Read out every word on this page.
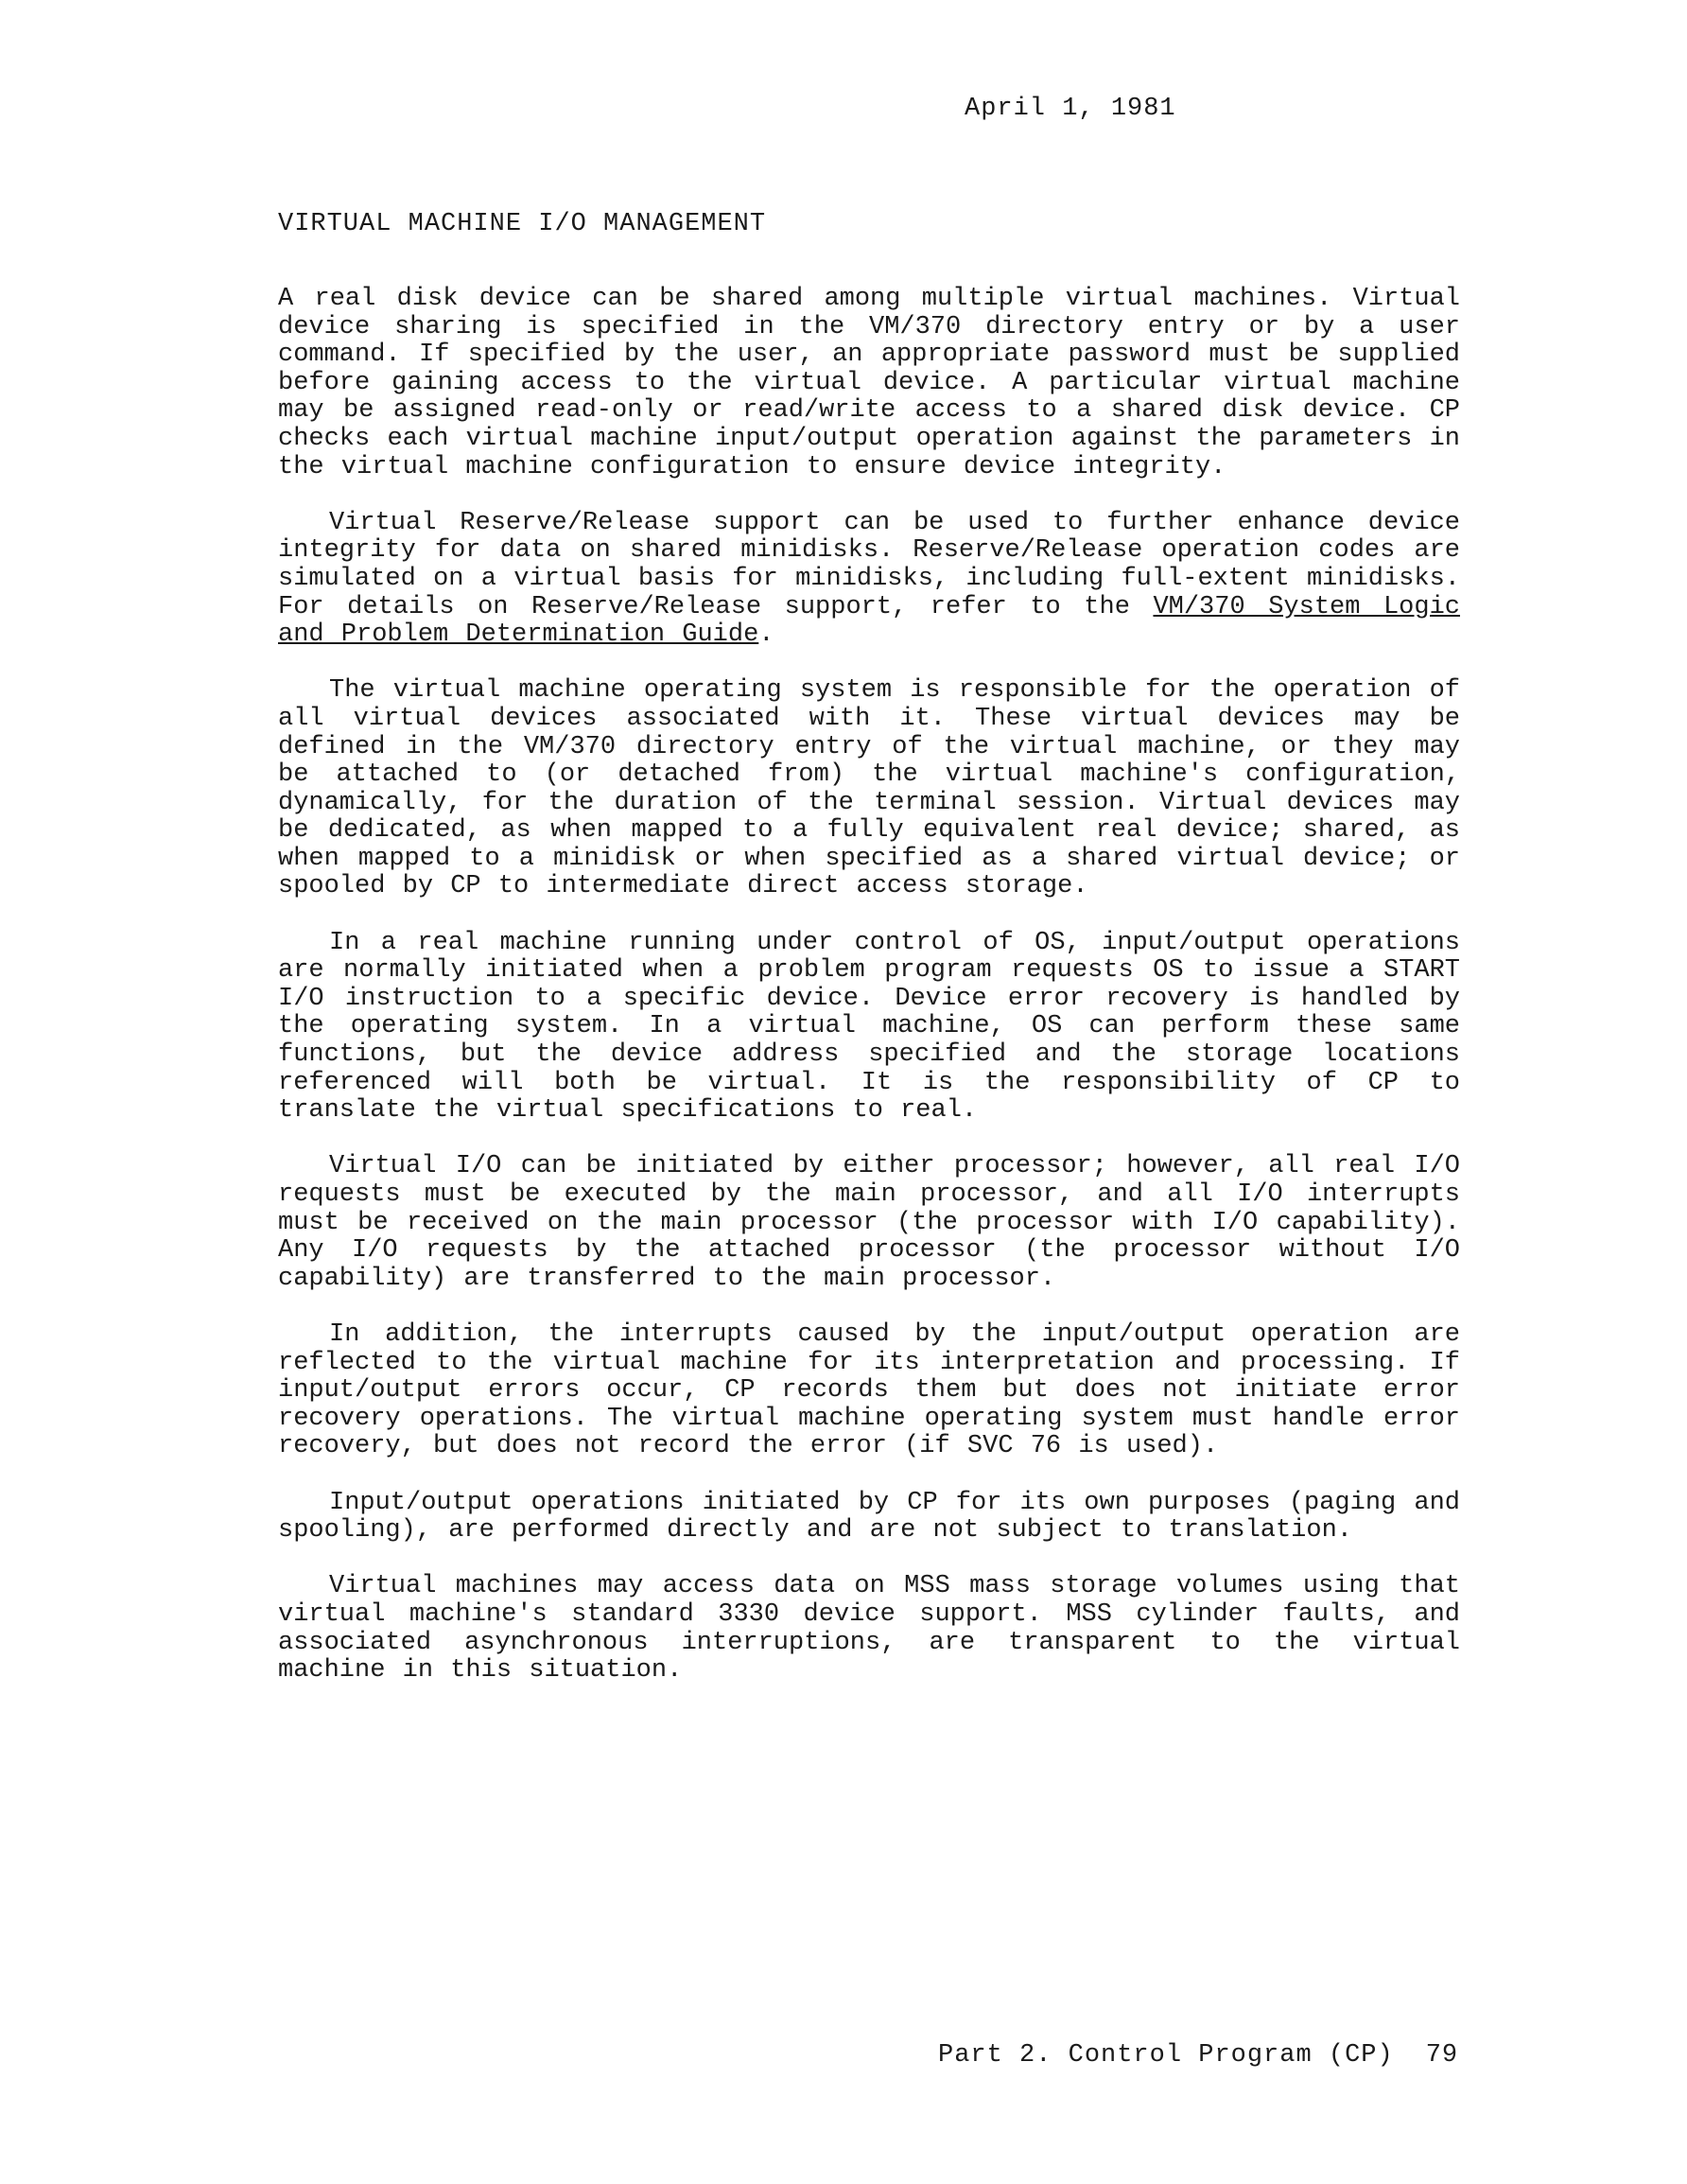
April 1, 1981
VIRTUAL MACHINE I/O MANAGEMENT

A real disk device can be shared among multiple virtual machines. Virtual device sharing is specified in the VM/370 directory entry or by a user command. If specified by the user, an appropriate password must be supplied before gaining access to the virtual device. A particular virtual machine may be assigned read-only or read/write access to a shared disk device. CP checks each virtual machine input/output operation against the parameters in the virtual machine configuration to ensure device integrity.

Virtual Reserve/Release support can be used to further enhance device integrity for data on shared minidisks. Reserve/Release operation codes are simulated on a virtual basis for minidisks, including full-extent minidisks. For details on Reserve/Release support, refer to the VM/370 System Logic and Problem Determination Guide.

The virtual machine operating system is responsible for the operation of all virtual devices associated with it. These virtual devices may be defined in the VM/370 directory entry of the virtual machine, or they may be attached to (or detached from) the virtual machine's configuration, dynamically, for the duration of the terminal session. Virtual devices may be dedicated, as when mapped to a fully equivalent real device; shared, as when mapped to a minidisk or when specified as a shared virtual device; or spooled by CP to intermediate direct access storage.

In a real machine running under control of OS, input/output operations are normally initiated when a problem program requests OS to issue a START I/O instruction to a specific device. Device error recovery is handled by the operating system. In a virtual machine, OS can perform these same functions, but the device address specified and the storage locations referenced will both be virtual. It is the responsibility of CP to translate the virtual specifications to real.

Virtual I/O can be initiated by either processor; however, all real I/O requests must be executed by the main processor, and all I/O interrupts must be received on the main processor (the processor with I/O capability). Any I/O requests by the attached processor (the processor without I/O capability) are transferred to the main processor.

In addition, the interrupts caused by the input/output operation are reflected to the virtual machine for its interpretation and processing. If input/output errors occur, CP records them but does not initiate error recovery operations. The virtual machine operating system must handle error recovery, but does not record the error (if SVC 76 is used).

Input/output operations initiated by CP for its own purposes (paging and spooling), are performed directly and are not subject to translation.

Virtual machines may access data on MSS mass storage volumes using that virtual machine's standard 3330 device support. MSS cylinder faults, and associated asynchronous interruptions, are transparent to the virtual machine in this situation.

Part 2. Control Program (CP) 79
